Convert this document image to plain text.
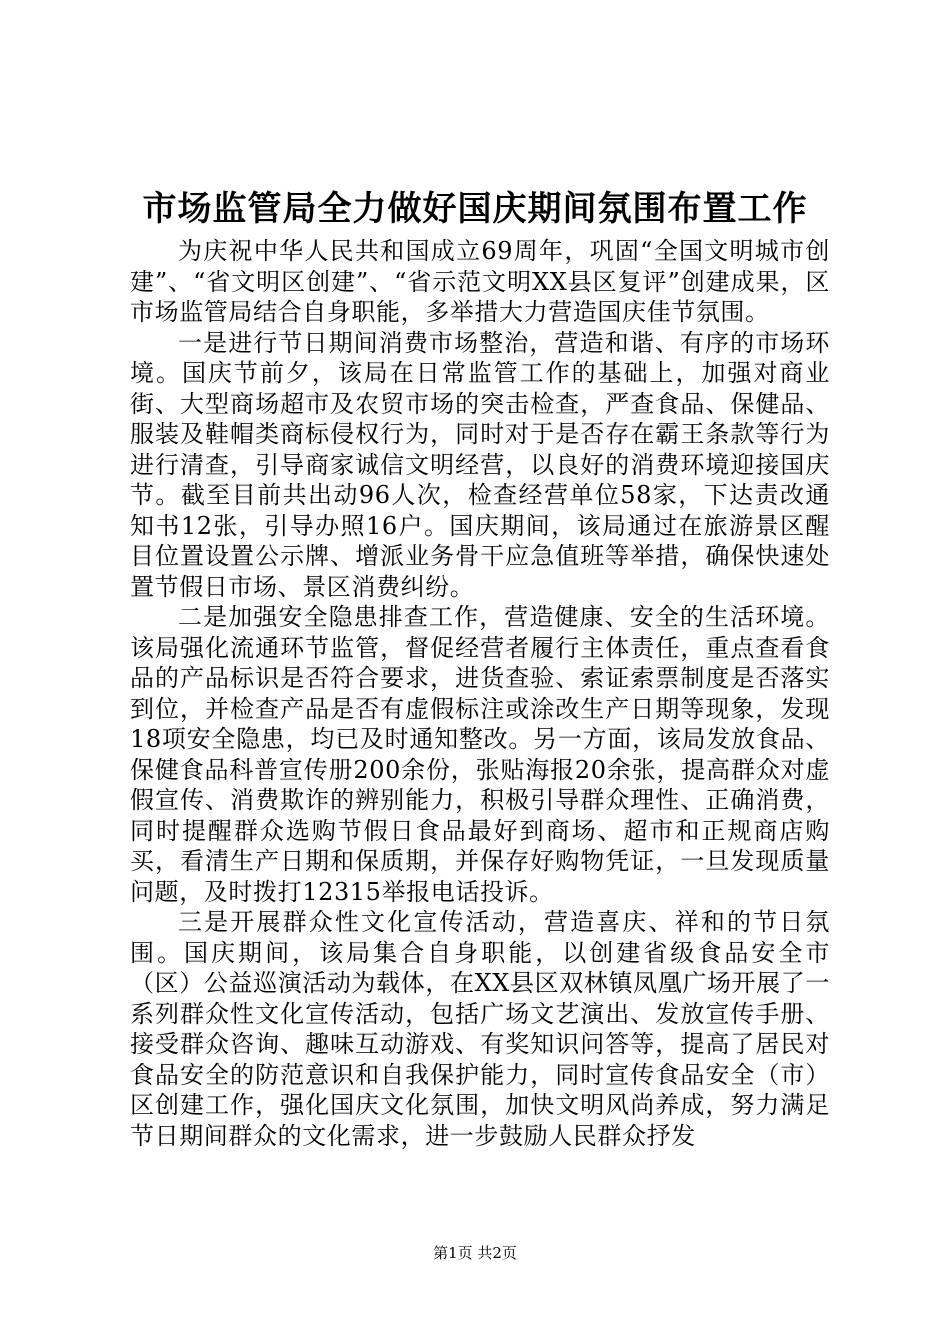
市场监管局全力做好国庆期间氛围布置工作

为庆祝中华人民共和国成立69周年，巩固“全国文明城市创建”、“省文明区创建”、“省示范文明XX县区复评”创建成果，区市场监管局结合自身职能，多举措大力营造国庆佳节氛围。

一是进行节日期间消费市场整治，营造和谐、有序的市场环境。国庆节前夕，该局在日常监管工作的基础上，加强对商业街、大型商场超市及农贸市场的突击检查，严查食品、保健品、服装及鞋帽类商标侵权行为，同时对于是否存在霸王条款等行为进行清查，引导商家诚信文明经营，以良好的消费环境迎接国庆节。截至目前共出动96人次，检查经营单位58家，下达责改通知书12张，引导办照16户。国庆期间，该局通过在旅游景区醒目位置设置公示牌、增派业务骨干应急值班等举措，确保快速处置节假日市场、景区消费纠纷。

二是加强安全隐患排查工作，营造健康、安全的生活环境。该局强化流通环节监管，督促经营者履行主体责任，重点查看食品的产品标识是否符合要求，进货查验、索证索票制度是否落实到位，并检查产品是否有虚假标注或涂改生产日期等现象，发现18项安全隐患，均已及时通知整改。另一方面，该局发放食品、保健食品科普宣传册200余份，张贴海报20余张，提高群众对虚假宣传、消费欺诈的辨别能力，积极引导群众理性、正确消费，同时提醒群众选购节假日食品最好到商场、超市和正规商店购买，看清生产日期和保质期，并保存好购物凭证，一旦发现质量问题，及时拨打12315举报电话投诉。

三是开展群众性文化宣传活动，营造喜庆、祥和的节日氛围。国庆期间，该局集合自身职能，以创建省级食品安全市（区）公益巡演活动为载体，在XX县区双林镇凤凰广场开展了一系列群众性文化宣传活动，包括广场文艺演出、发放宣传手册、接受群众咨询、趣味互动游戏、有奖知识问答等，提高了居民对食品安全的防范意识和自我保护能力，同时宣传食品安全（市）区创建工作，强化国庆文化氛围，加快文明风尚养成，努力满足节日期间群众的文化需求，进一步鼓励人民群众抒发

第1页 共2页
